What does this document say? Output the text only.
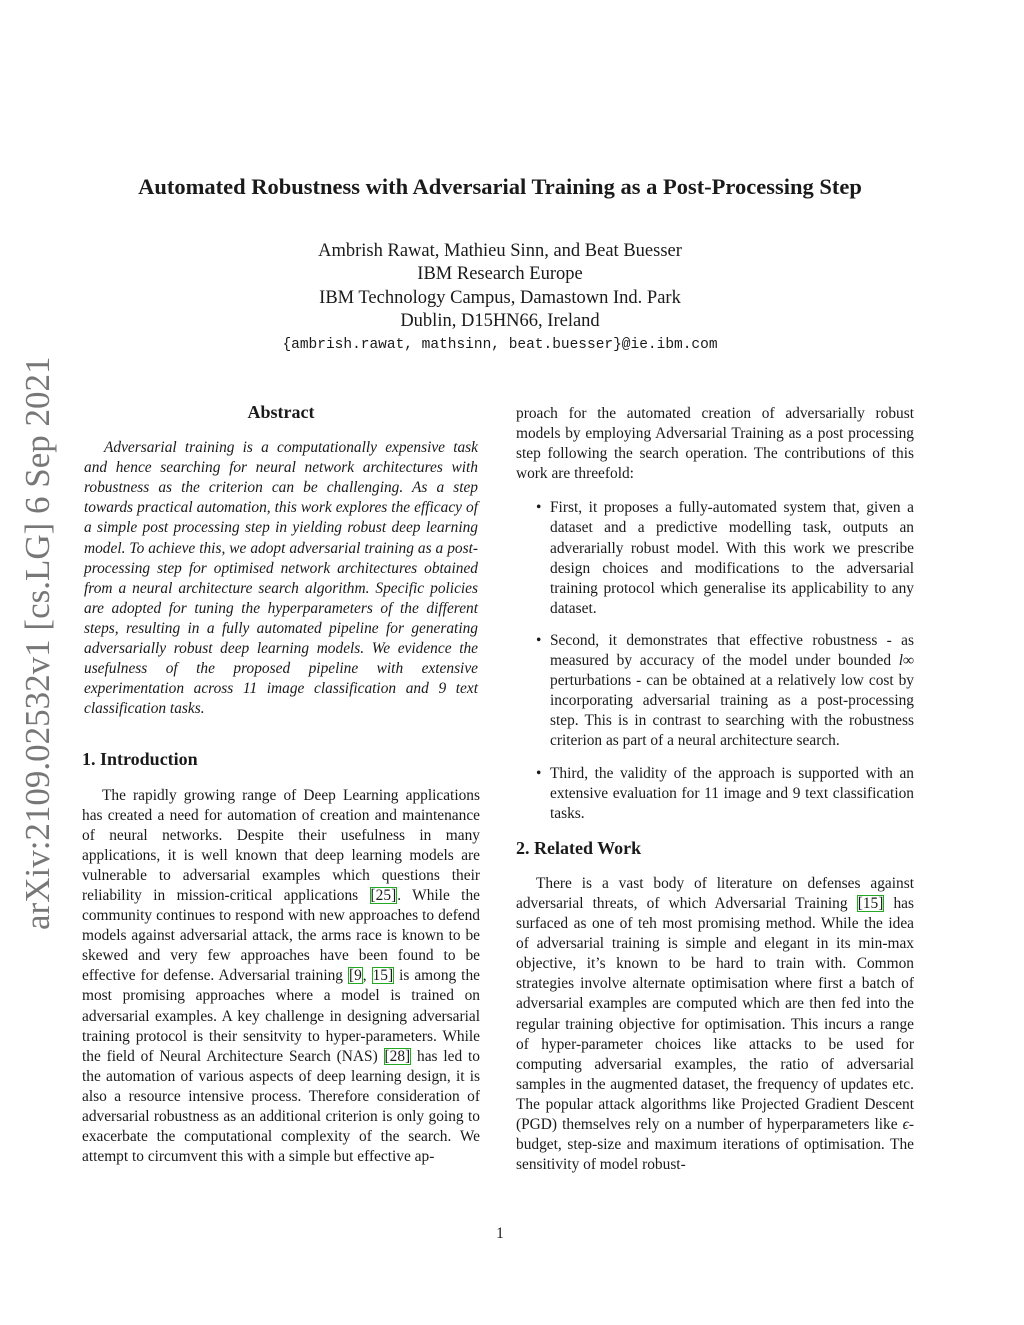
arXiv:2109.02532v1 [cs.LG] 6 Sep 2021
Automated Robustness with Adversarial Training as a Post-Processing Step
Ambrish Rawat, Mathieu Sinn, and Beat Buesser
IBM Research Europe
IBM Technology Campus, Damastown Ind. Park
Dublin, D15HN66, Ireland
{ambrish.rawat, mathsinn, beat.buesser}@ie.ibm.com
Abstract

Adversarial training is a computationally expensive task and hence searching for neural network architectures with robustness as the criterion can be challenging. As a step towards practical automation, this work explores the efficacy of a simple post processing step in yielding robust deep learning model. To achieve this, we adopt adversarial training as a post-processing step for optimised network architectures obtained from a neural architecture search algorithm. Specific policies are adopted for tuning the hyperparameters of the different steps, resulting in a fully automated pipeline for generating adversarially robust deep learning models. We evidence the usefulness of the proposed pipeline with extensive experimentation across 11 image classification and 9 text classification tasks.

1. Introduction

The rapidly growing range of Deep Learning applications has created a need for automation of creation and maintenance of neural networks. Despite their usefulness in many applications, it is well known that deep learning models are vulnerable to adversarial examples which questions their reliability in mission-critical applications [25]. While the community continues to respond with new approaches to defend models against adversarial attack, the arms race is known to be skewed and very few approaches have been found to be effective for defense. Adversarial training [9, 15] is among the most promising approaches where a model is trained on adversarial examples. A key challenge in designing adversarial training protocol is their sensitvity to hyper-parameters. While the field of Neural Architecture Search (NAS) [28] has led to the automation of various aspects of deep learning design, it is also a resource intensive process. Therefore consideration of adversarial robustness as an additional criterion is only going to exacerbate the computational complexity of the search. We attempt to circumvent this with a simple but effective ap-

proach for the automated creation of adversarially robust models by employing Adversarial Training as a post processing step following the search operation. The contributions of this work are threefold:

• First, it proposes a fully-automated system that, given a dataset and a predictive modelling task, outputs an adverarially robust model. With this work we prescribe design choices and modifications to the adversarial training protocol which generalise its applicability to any dataset.
• Second, it demonstrates that effective robustness - as measured by accuracy of the model under bounded l∞ perturbations - can be obtained at a relatively low cost by incorporating adversarial training as a post-processing step. This is in contrast to searching with the robustness criterion as part of a neural architecture search.
• Third, the validity of the approach is supported with an extensive evaluation for 11 image and 9 text classification tasks.
2. Related Work

There is a vast body of literature on defenses against adversarial threats, of which Adversarial Training [15] has surfaced as one of teh most promising method. While the idea of adversarial training is simple and elegant in its min-max objective, it’s known to be hard to train with. Common strategies involve alternate optimisation where first a batch of adversarial examples are computed which are then fed into the regular training objective for optimisation. This incurs a range of hyper-parameter choices like attacks to be used for computing adversarial examples, the ratio of adversarial samples in the augmented dataset, the frequency of updates etc. The popular attack algorithms like Projected Gradient Descent (PGD) themselves rely on a number of hyperparameters like ϵ-budget, step-size and maximum iterations of optimisation. The sensitivity of model robust-

1
